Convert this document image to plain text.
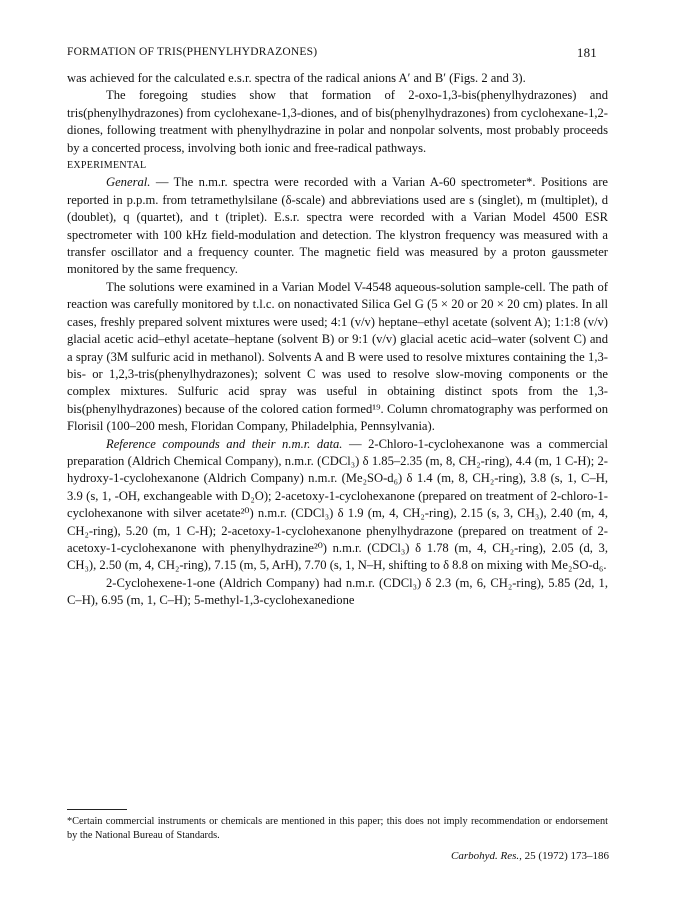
FORMATION OF TRIS(PHENYLHYDRAZONES)	181

was achieved for the calculated e.s.r. spectra of the radical anions A′ and B′ (Figs. 2 and 3).

The foregoing studies show that formation of 2-oxo-1,3-bis(phenylhydrazones) and tris(phenylhydrazones) from cyclohexane-1,3-diones, and of bis(phenylhydrazones) from cyclohexane-1,2-diones, following treatment with phenylhydrazine in polar and nonpolar solvents, most probably proceeds by a concerted process, involving both ionic and free-radical pathways.

EXPERIMENTAL

General. — The n.m.r. spectra were recorded with a Varian A-60 spectrometer*. Positions are reported in p.p.m. from tetramethylsilane (δ-scale) and abbreviations used are s (singlet), m (multiplet), d (doublet), q (quartet), and t (triplet). E.s.r. spectra were recorded with a Varian Model 4500 ESR spectrometer with 100 kHz field-modulation and detection. The klystron frequency was measured with a transfer oscillator and a frequency counter. The magnetic field was measured by a proton gaussmeter monitored by the same frequency.

The solutions were examined in a Varian Model V-4548 aqueous-solution sample-cell. The path of reaction was carefully monitored by t.l.c. on nonactivated Silica Gel G (5 × 20 or 20 × 20 cm) plates. In all cases, freshly prepared solvent mixtures were used; 4:1 (v/v) heptane–ethyl acetate (solvent A); 1:1:8 (v/v) glacial acetic acid–ethyl acetate–heptane (solvent B) or 9:1 (v/v) glacial acetic acid–water (solvent C) and a spray (3M sulfuric acid in methanol). Solvents A and B were used to resolve mixtures containing the 1,3-bis- or 1,2,3-tris(phenylhydrazones); solvent C was used to resolve slow-moving components or the complex mixtures. Sulfuric acid spray was useful in obtaining distinct spots from the 1,3-bis(phenylhydrazones) because of the colored cation formed¹⁹. Column chromatography was performed on Florisil (100–200 mesh, Floridan Company, Philadelphia, Pennsylvania).

Reference compounds and their n.m.r. data. — 2-Chloro-1-cyclohexanone was a commercial preparation (Aldrich Chemical Company), n.m.r. (CDCl₃) δ 1.85–2.35 (m, 8, CH₂-ring), 4.4 (m, 1 C-H); 2-hydroxy-1-cyclohexanone (Aldrich Company) n.m.r. (Me₂SO-d₆) δ 1.4 (m, 8, CH₂-ring), 3.8 (s, 1, C–H, 3.9 (s, 1, -OH, exchangeable with D₂O); 2-acetoxy-1-cyclohexanone (prepared on treatment of 2-chloro-1-cyclohexanone with silver acetate²⁰) n.m.r. (CDCl₃) δ 1.9 (m, 4, CH₂-ring), 2.15 (s, 3, CH₃), 2.40 (m, 4, CH₂-ring), 5.20 (m, 1 C-H); 2-acetoxy-1-cyclohexanone phenylhydrazone (prepared on treatment of 2-acetoxy-1-cyclohexanone with phenylhydrazine²⁰) n.m.r. (CDCl₃) δ 1.78 (m, 4, CH₂-ring), 2.05 (d, 3, CH₃), 2.50 (m, 4, CH₂-ring), 7.15 (m, 5, ArH), 7.70 (s, 1, N–H, shifting to δ 8.8 on mixing with Me₂SO-d₆.

2-Cyclohexene-1-one (Aldrich Company) had n.m.r. (CDCl₃) δ 2.3 (m, 6, CH₂-ring), 5.85 (2d, 1, C–H), 6.95 (m, 1, C–H); 5-methyl-1,3-cyclohexanedione

*Certain commercial instruments or chemicals are mentioned in this paper; this does not imply recommendation or endorsement by the National Bureau of Standards.
Carbohyd. Res., 25 (1972) 173–186
